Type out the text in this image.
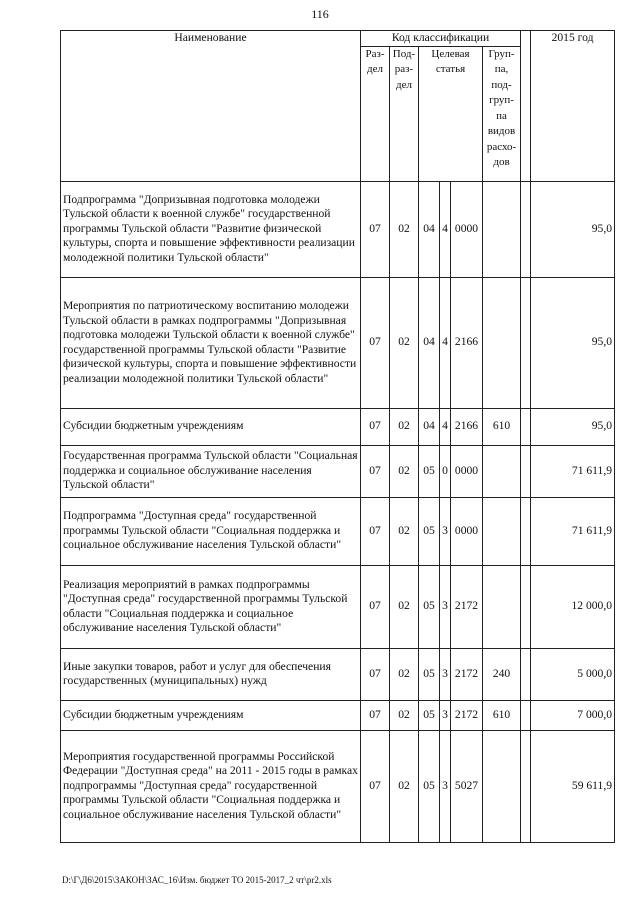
116
Наименование	Код классификации							2015 год
	Раз-дел	Под-раз-дел	Целевая статья			Груп-па, под-груп-па видов расхо-дов		
Подпрограмма "Допризывная подготовка молодежи Тульской области к военной службе" государственной программы Тульской области "Развитие физической культуры, спорта и повышение эффективности реализации молодежной политики Тульской области"	07	02	04	4	0000			95,0
Мероприятия по патриотическому воспитанию молодежи Тульской области в рамках подпрограммы "Допризывная подготовка молодежи Тульской области к военной службе" государственной программы Тульской области "Развитие физической культуры, спорта и повышение эффективности реализации молодежной политики Тульской области"	07	02	04	4	2166			95,0
Субсидии бюджетным учреждениям	07	02	04	4	2166	610		95,0
Государственная программа Тульской области "Социальная поддержка и социальное обслуживание населения Тульской области"	07	02	05	0	0000			71 611,9
Подпрограмма "Доступная среда" государственной программы Тульской области "Социальная поддержка и социальное обслуживание населения Тульской области"	07	02	05	3	0000			71 611,9
Реализация мероприятий в рамках подпрограммы "Доступная среда" государственной программы Тульской области "Социальная поддержка и социальное обслуживание населения Тульской области"	07	02	05	3	2172			12 000,0
Иные закупки товаров, работ и услуг для обеспечения государственных (муниципальных) нужд	07	02	05	3	2172	240		5 000,0
Субсидии бюджетным учреждениям	07	02	05	3	2172	610		7 000,0
Мероприятия государственной программы Российской Федерации "Доступная среда" на 2011 - 2015 годы в рамках подпрограммы "Доступная среда" государственной программы Тульской области "Социальная поддержка и социальное обслуживание населения Тульской области"	07	02	05	3	5027			59 611,9
D:\Г\Д6\2015\ЗАКОН\ЗАС_16\Изм. бюджет ТО 2015-2017_2 чт\pr2.xls
